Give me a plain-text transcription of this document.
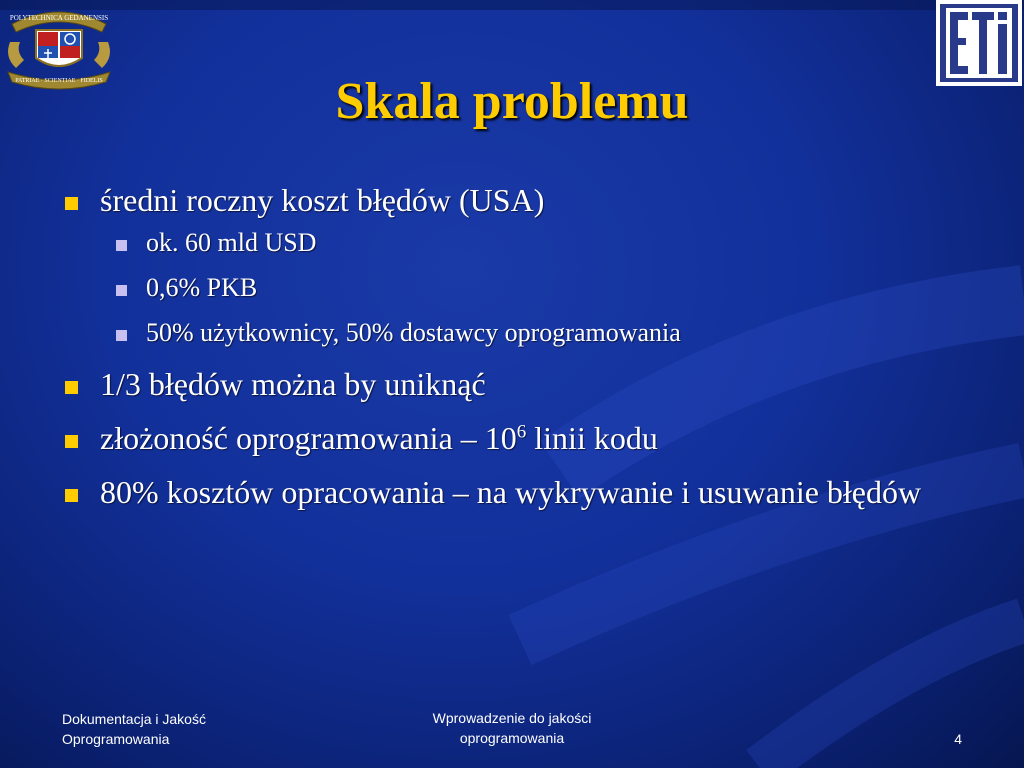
POLYTECHNICA GEDANENSIS
PATRIAE · SCIENTIAE · FIDELIS	Skala problemu
średni roczny koszt błędów (USA)
ok. 60 mld USD
0,6% PKB
50% użytkownicy, 50% dostawcy oprogramowania
1/3 błędów można by uniknąć
złożoność oprogramowania – $10^6$ linii kodu
80% kosztów opracowania – na wykrywanie i usuwanie błędów
Dokumentacja i Jakość
Oprogramowania
Wprowadzenie do jakości
oprogramowania	4
